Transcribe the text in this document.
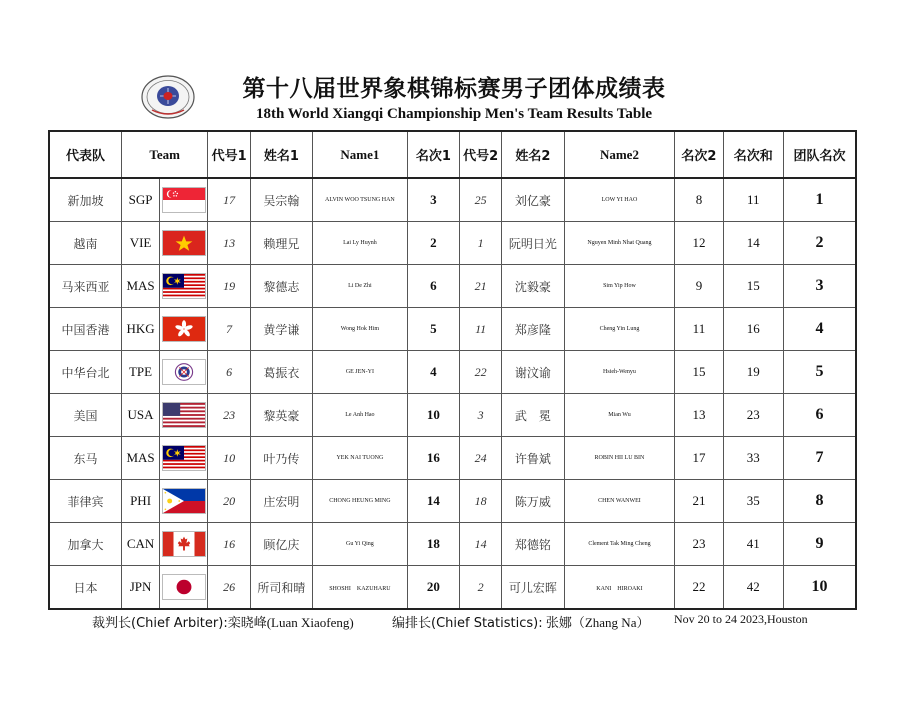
第十八届世界象棋锦标赛男子团体成绩表
18th World Xiangqi Championship Men's Team Results Table
代表队	Team		代号1	姓名1	Name1	名次1	代号2	姓名2	Name2	名次2	名次和	团队名次
新加坡	SGP		17	吴宗翰	ALVIN WOO TSUNG HAN	3	25	刘亿豪	LOW YI HAO	8	11	1
越南	VIE		13	赖理兄	Lai Ly Huynh	2	1	阮明日光	Nguyen Minh Nhat Quang	12	14	2
马来西亚	MAS		19	黎德志	Li De Zhi	6	21	沈毅豪	Sim Yip How	9	15	3
中国香港	HKG		7	黄学谦	Wong Hok Him	5	11	郑彦隆	Cheng Yin Lung	11	16	4
中华台北	TPE		6	葛振衣	GE JEN-YI	4	22	谢汶谕	Hsieh-Wenyu	15	19	5
美国	USA		23	黎英豪	Le Anh Hao	10	3	武　冕	Mian Wu	13	23	6
东马	MAS		10	叶乃传	YEK NAI TUONG	16	24	许鲁斌	ROBIN HII LU BIN	17	33	7
菲律宾	PHI		20	庄宏明	CHONG HEUNG MING	14	18	陈万威	CHEN WANWEI	21	35	8
加拿大	CAN		16	顾亿庆	Gu Yi Qing	18	14	郑德铭	Clement Tak Ming Cheng	23	41	9
日本	JPN		26	所司和晴	SHOSHI　KAZUHARU	20	2	可儿宏晖	KANI　HIROAKI	22	42	10
裁判长(Chief Arbiter):栾晓峰(Luan Xiaofeng)	编排长(Chief Statistics): 张娜（Zhang Na） Nov 20 to 24 2023,Houston
